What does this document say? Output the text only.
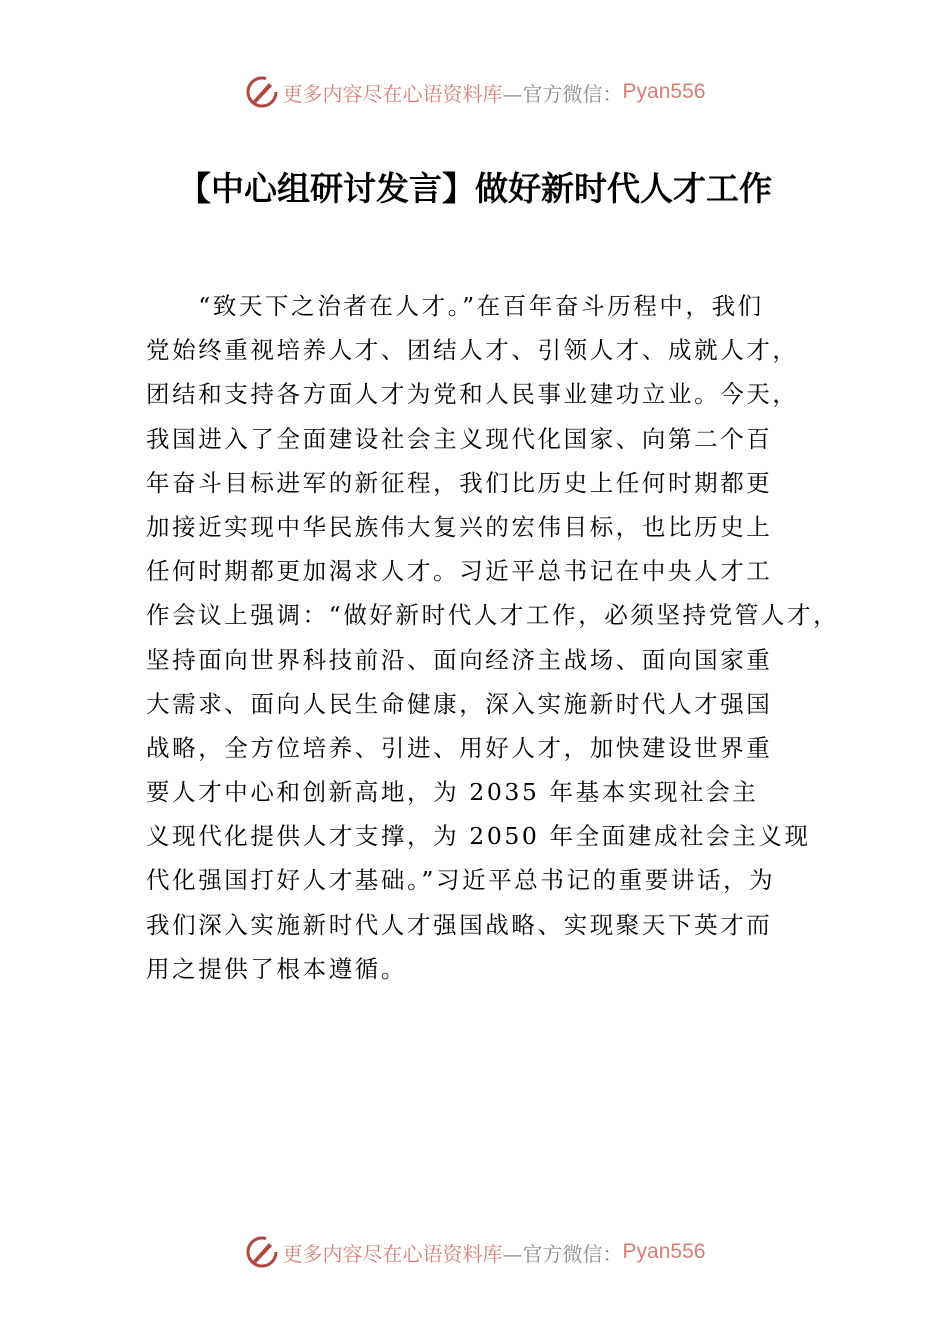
更多内容尽在心语资料库 —官方微信： Pyan556
【中心组研讨发言】做好新时代人才工作
　　“致天下之治者在人才。”在百年奋斗历程中，我们
党始终重视培养人才、团结人才、引领人才、成就人才，
团结和支持各方面人才为党和人民事业建功立业。今天，
我国进入了全面建设社会主义现代化国家、向第二个百
年奋斗目标进军的新征程，我们比历史上任何时期都更
加接近实现中华民族伟大复兴的宏伟目标，也比历史上
任何时期都更加渴求人才。习近平总书记在中央人才工
作会议上强调：“做好新时代人才工作，必须坚持党管人才，
坚持面向世界科技前沿、面向经济主战场、面向国家重
大需求、面向人民生命健康，深入实施新时代人才强国
战略，全方位培养、引进、用好人才，加快建设世界重
要人才中心和创新高地，为 2035 年基本实现社会主
义现代化提供人才支撑，为 2050 年全面建成社会主义现
代化强国打好人才基础。”习近平总书记的重要讲话，为
我们深入实施新时代人才强国战略、实现聚天下英才而
用之提供了根本遵循。
更多内容尽在心语资料库 —官方微信： Pyan556
